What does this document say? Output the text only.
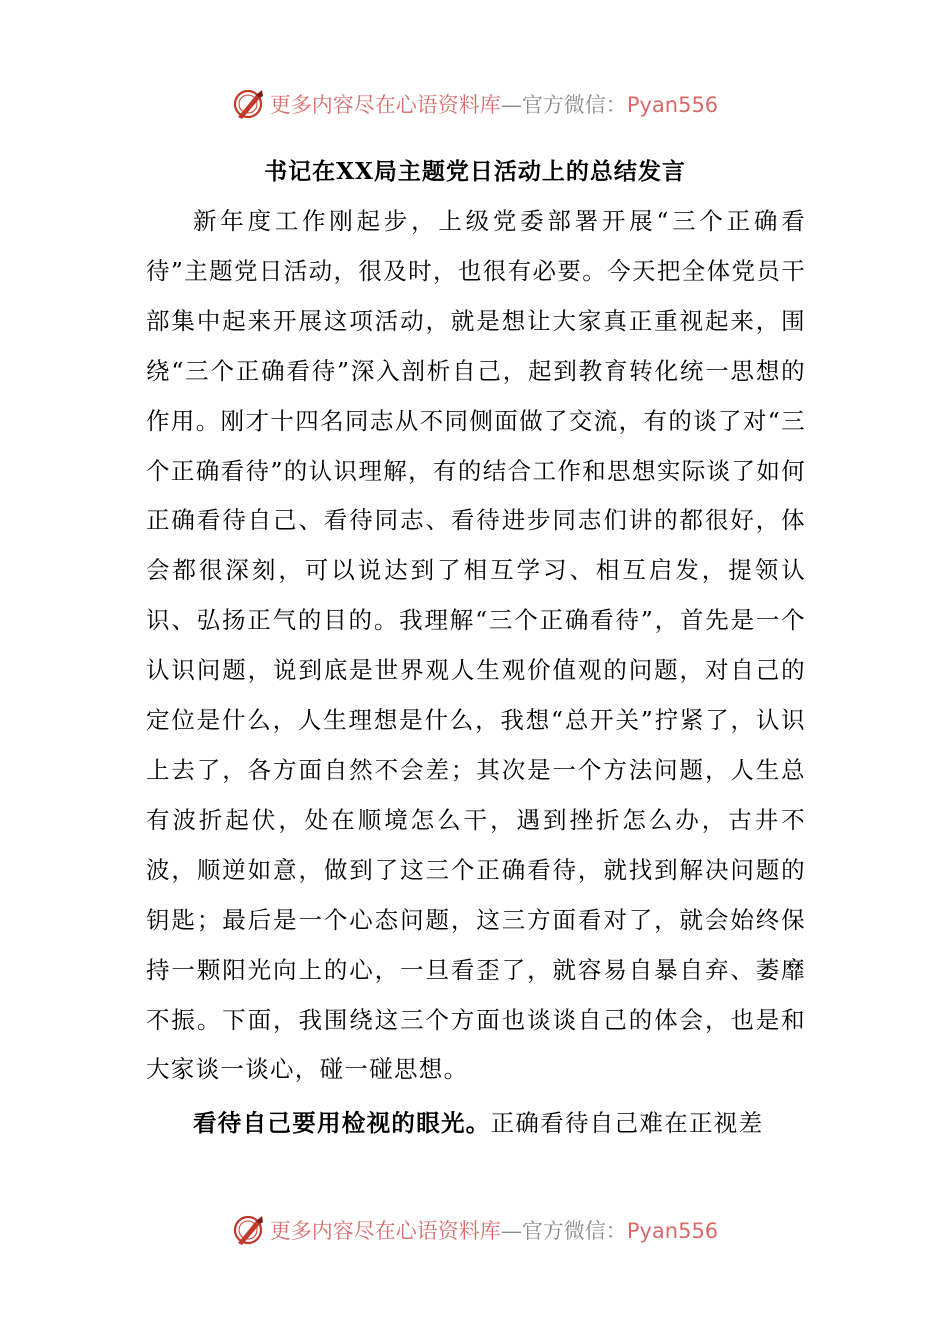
更多内容尽在心语资料库—官方微信：Pyan556
书记在XX局主题党日活动上的总结发言

新年度工作刚起步，上级党委部署开展“三个正确看待”主题党日活动，很及时，也很有必要。今天把全体党员干部集中起来开展这项活动，就是想让大家真正重视起来，围绕“三个正确看待”深入剖析自己，起到教育转化统一思想的作用。刚才十四名同志从不同侧面做了交流，有的谈了对“三个正确看待”的认识理解，有的结合工作和思想实际谈了如何正确看待自己、看待同志、看待进步同志们讲的都很好，体会都很深刻，可以说达到了相互学习、相互启发，提领认识、弘扬正气的目的。我理解“三个正确看待”，首先是一个认识问题，说到底是世界观人生观价值观的问题，对自己的定位是什么，人生理想是什么，我想“总开关”拧紧了，认识上去了，各方面自然不会差；其次是一个方法问题，人生总有波折起伏，处在顺境怎么干，遇到挫折怎么办，古井不波，顺逆如意，做到了这三个正确看待，就找到解决问题的钥匙；最后是一个心态问题，这三方面看对了，就会始终保持一颗阳光向上的心，一旦看歪了，就容易自暴自弃、萎靡不振。下面，我围绕这三个方面也谈谈自己的体会，也是和大家谈一谈心，碰一碰思想。

看待自己要用检视的眼光。正确看待自己难在正视差

更多内容尽在心语资料库—官方微信：Pyan556
